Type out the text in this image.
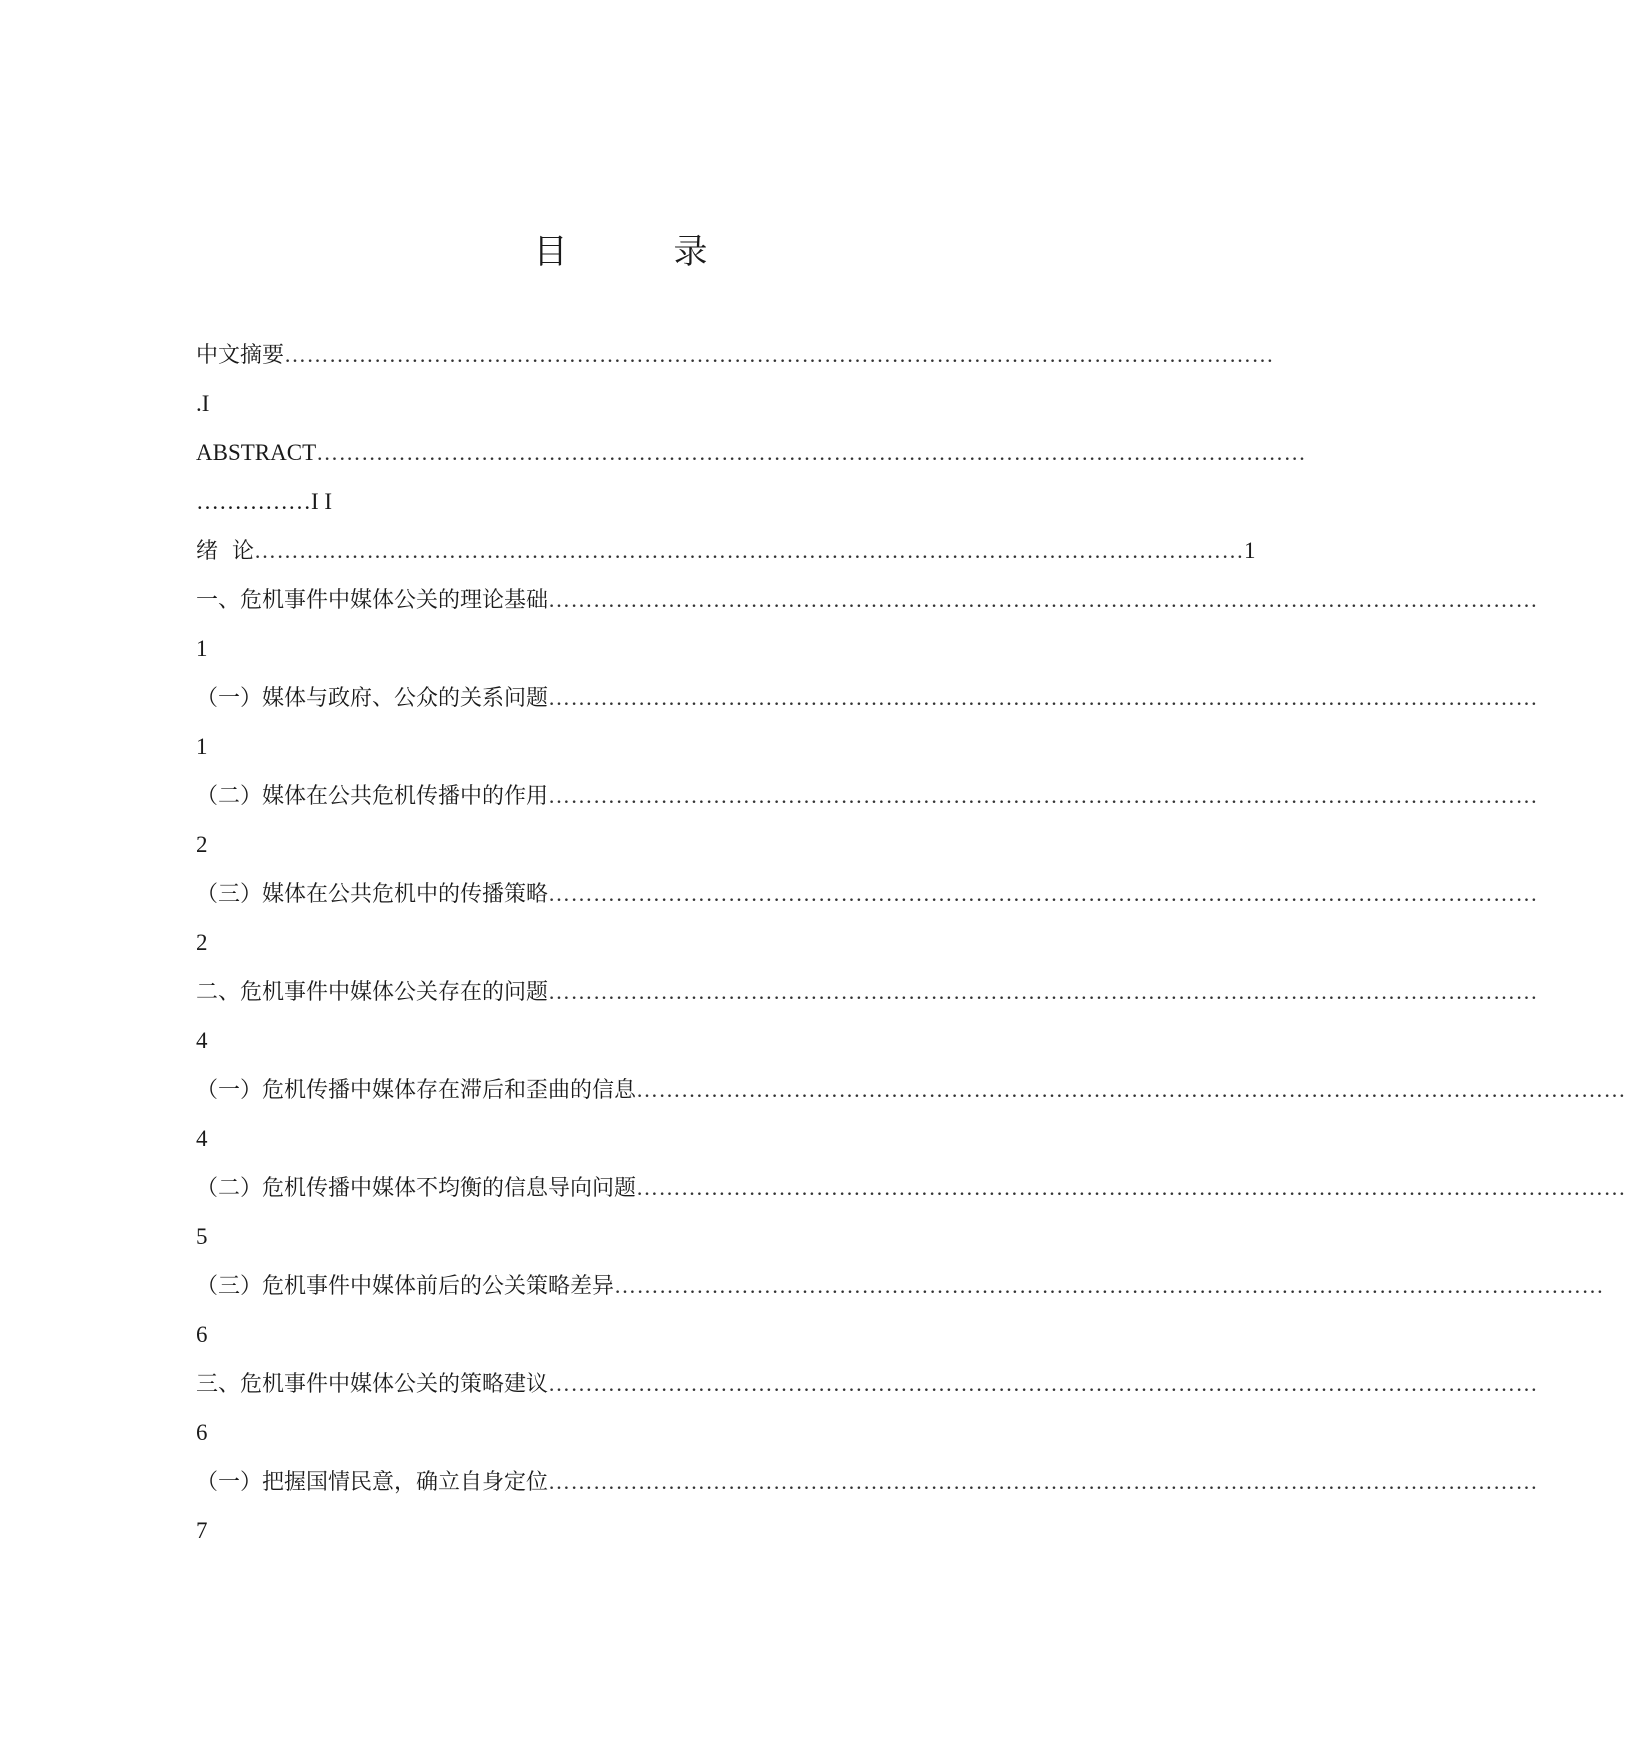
目　录
中文摘要 ……………………………………………………………………………………………………………………
.I
ABSTRACT ……………………………………………………………………………………………………………………
……………I I
绪  论 …………………………………………………………………………………………………………………… 1
一、危机事件中媒体公关的理论基础 ……………………………………………………………………………………………………………………
1
（一）媒体与政府、公众的关系问题 ……………………………………………………………………………………………………………………
1
（二）媒体在公共危机传播中的作用 ……………………………………………………………………………………………………………………
2
（三）媒体在公共危机中的传播策略 ……………………………………………………………………………………………………………………
2
二、危机事件中媒体公关存在的问题 ……………………………………………………………………………………………………………………
4
（一）危机传播中媒体存在滞后和歪曲的信息 ……………………………………………………………………………………………………………………
4
（二）危机传播中媒体不均衡的信息导向问题 ……………………………………………………………………………………………………………………
5
（三）危机事件中媒体前后的公关策略差异 ……………………………………………………………………………………………………………………
6
三、危机事件中媒体公关的策略建议 ……………………………………………………………………………………………………………………
6
（一）把握国情民意，确立自身定位 ……………………………………………………………………………………………………………………
7
